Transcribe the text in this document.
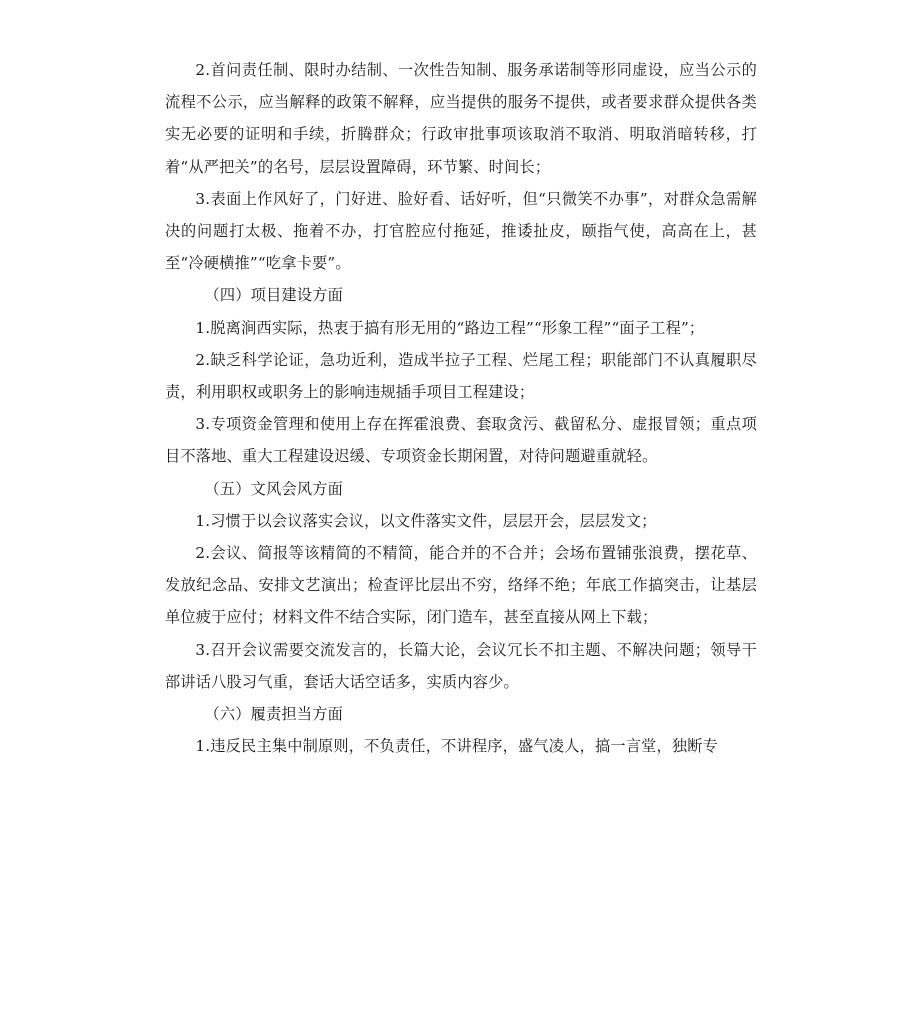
2.首问责任制、限时办结制、一次性告知制、服务承诺制等形同虚设，应当公示的流程不公示，应当解释的政策不解释，应当提供的服务不提供，或者要求群众提供各类实无必要的证明和手续，折腾群众；行政审批事项该取消不取消、明取消暗转移，打着“从严把关”的名号，层层设置障碍，环节繁、时间长；

3.表面上作风好了，门好进、脸好看、话好听，但“只微笑不办事”，对群众急需解决的问题打太极、拖着不办，打官腔应付拖延，推诿扯皮，颐指气使，高高在上，甚至“冷硬横推”“吃拿卡要”。

（四）项目建设方面

1.脱离涧西实际，热衷于搞有形无用的“路边工程”“形象工程”“面子工程”；

2.缺乏科学论证，急功近利，造成半拉子工程、烂尾工程；职能部门不认真履职尽责，利用职权或职务上的影响违规插手项目工程建设；

3.专项资金管理和使用上存在挥霍浪费、套取贪污、截留私分、虚报冒领；重点项目不落地、重大工程建设迟缓、专项资金长期闲置，对待问题避重就轻。

（五）文风会风方面

1.习惯于以会议落实会议，以文件落实文件，层层开会，层层发文；

2.会议、简报等该精简的不精简，能合并的不合并；会场布置铺张浪费，摆花草、发放纪念品、安排文艺演出；检查评比层出不穷，络绎不绝；年底工作搞突击，让基层单位疲于应付；材料文件不结合实际，闭门造车，甚至直接从网上下载；

3.召开会议需要交流发言的，长篇大论，会议冗长不扣主题、不解决问题；领导干部讲话八股习气重，套话大话空话多，实质内容少。

（六）履责担当方面

1.违反民主集中制原则，不负责任，不讲程序，盛气凌人，搞一言堂，独断专
